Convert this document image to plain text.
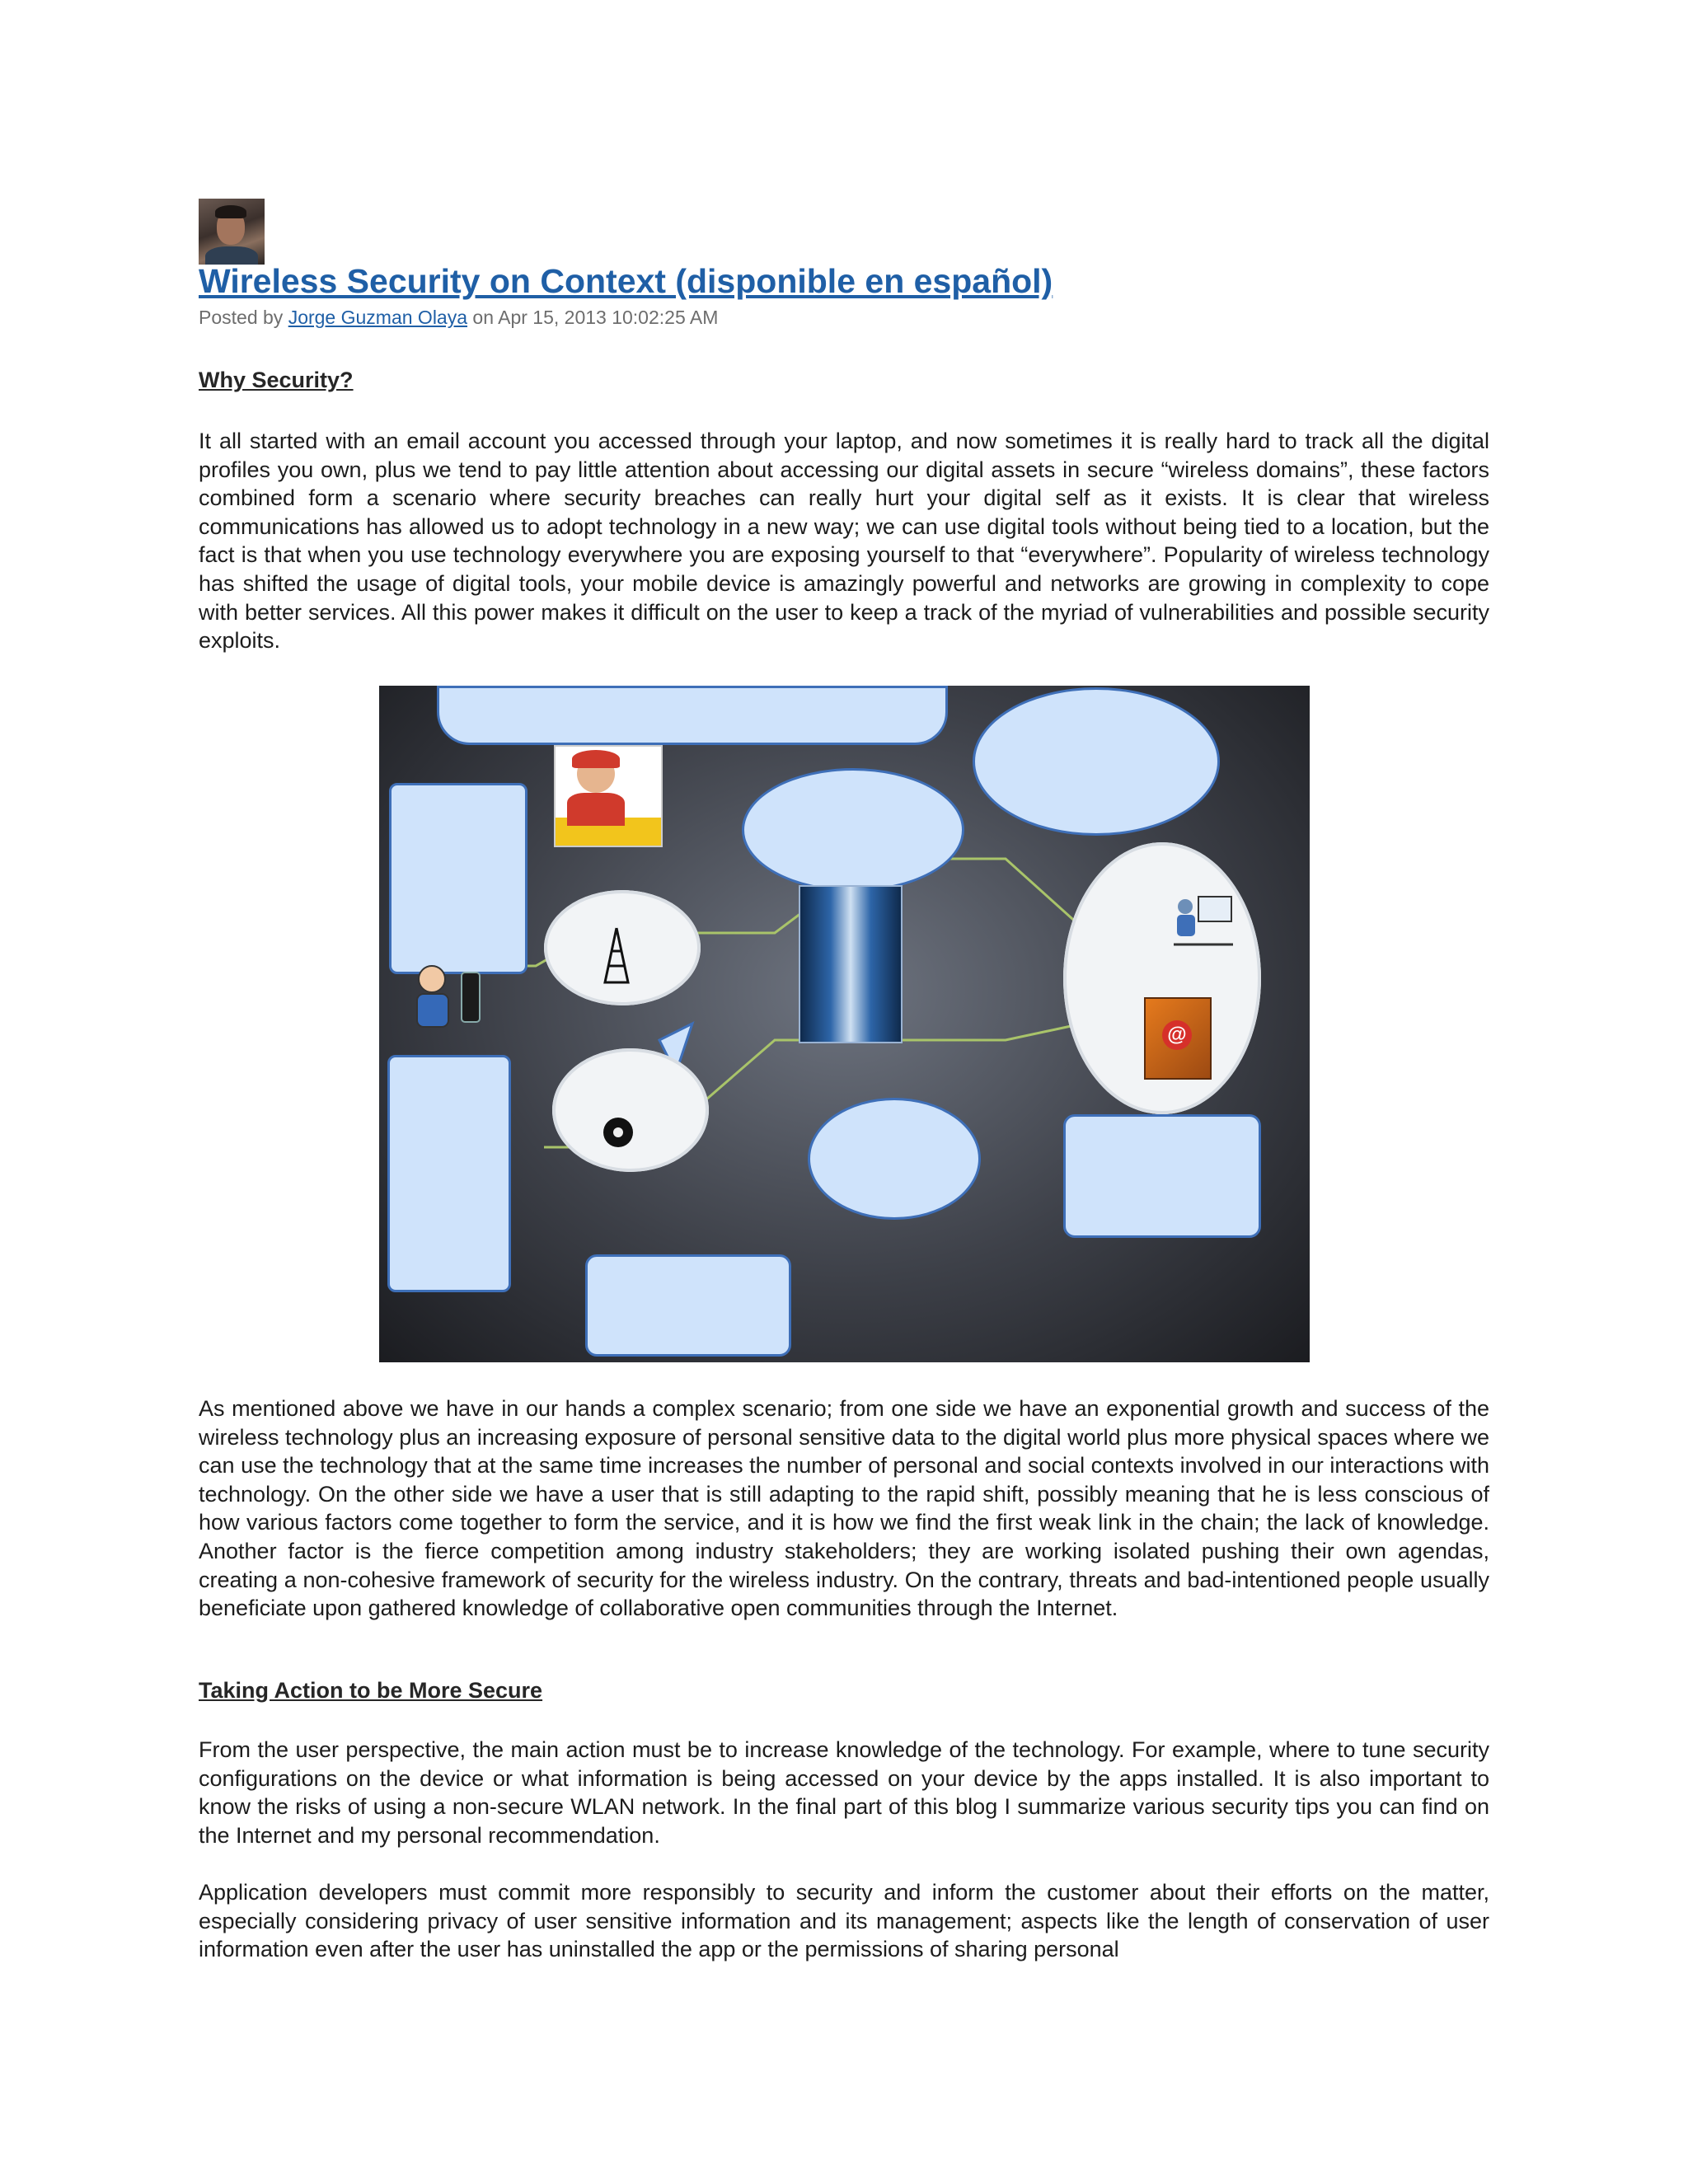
Wireless Security on Context (disponible en español)
Posted by Jorge Guzman Olaya on Apr 15, 2013 10:02:25 AM
Why Security?

It all started with an email account you accessed through your laptop, and now sometimes it is really hard to track all the digital profiles you own, plus we tend to pay little attention about accessing our digital assets in secure “wireless domains”, these factors combined form a scenario where security breaches can really hurt your digital self as it exists. It is clear that wireless communications has allowed us to adopt technology in a new way; we can use digital tools without being tied to a location, but the fact is that when you use technology everywhere you are exposing yourself to that “everywhere”. Popularity of wireless technology has shifted the usage of digital tools, your mobile device is amazingly powerful and networks are growing in complexity to cope with better services. All this power makes it difficult on the user to keep a track of the myriad of vulnerabilities and possible security exploits.

@

As mentioned above we have in our hands a complex scenario; from one side we have an exponential growth and success of the wireless technology plus an increasing exposure of personal sensitive data to the digital world plus more physical spaces where we can use the technology that at the same time increases the number of personal and social contexts involved in our interactions with technology. On the other side we have a user that is still adapting to the rapid shift, possibly meaning that he is less conscious of how various factors come together to form the service, and it is how we find the first weak link in the chain; the lack of knowledge. Another factor is the fierce competition among industry stakeholders; they are working isolated pushing their own agendas, creating a non-cohesive framework of security for the wireless industry. On the contrary, threats and bad-intentioned people usually beneficiate upon gathered knowledge of collaborative open communities through the Internet.

Taking Action to be More Secure

From the user perspective, the main action must be to increase knowledge of the technology. For example, where to tune security configurations on the device or what information is being accessed on your device by the apps installed. It is also important to know the risks of using a non-secure WLAN network. In the final part of this blog I summarize various security tips you can find on the Internet and my personal recommendation.

Application developers must commit more responsibly to security and inform the customer about their efforts on the matter, especially considering privacy of user sensitive information and its management; aspects like the length of conservation of user information even after the user has uninstalled the app or the permissions of sharing personal
